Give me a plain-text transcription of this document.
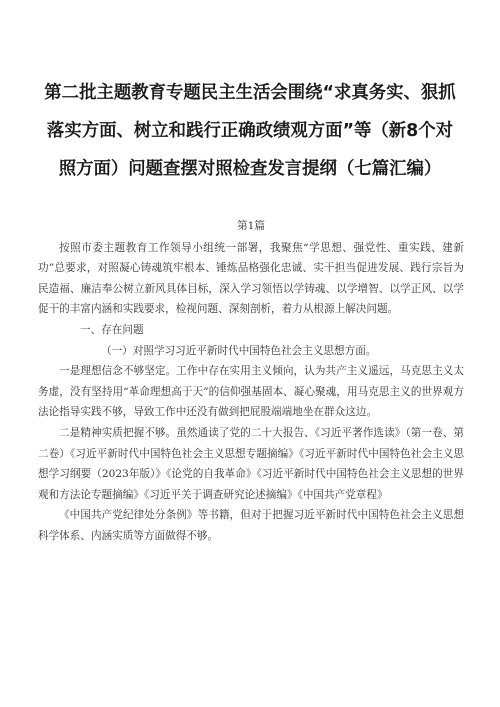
第二批主题教育专题民主生活会围绕“求真务实、狠抓
落实方面、树立和践行正确政绩观方面”等（新8个对
照方面）问题查摆对照检查发言提纲（七篇汇编）

第1篇

按照市委主题教育工作领导小组统一部署，我聚焦“学思想、强党性、重实践、建新功”总要求，对照凝心铸魂筑牢根本、锤炼品格强化忠诚、实干担当促进发展、践行宗旨为民造福、廉洁奉公树立新风具体目标，深入学习领悟以学铸魂、以学增智、以学正风、以学促干的丰富内涵和实践要求，检视问题、深刻剖析，着力从根源上解决问题。

一、存在问题

（一）对照学习习近平新时代中国特色社会主义思想方面。

一是理想信念不够坚定。工作中存在实用主义倾向，认为共产主义遥远，马克思主义太务虚，没有坚持用“革命理想高于天”的信仰强基固本、凝心聚魂，用马克思主义的世界观方法论指导实践不够，导致工作中还没有做到把屁股端端地坐在群众这边。

二是精神实质把握不够。虽然通读了党的二十大报告、《习近平著作选读》（第一卷、第二卷）《习近平新时代中国特色社会主义思想专题摘编》《习近平新时代中国特色社会主义思想学习纲要（2023年版）》《论党的自我革命》《习近平新时代中国特色社会主义思想的世界观和方法论专题摘编》《习近平关于调查研究论述摘编》《中国共产党章程》

《中国共产党纪律处分条例》等书籍，但对于把握习近平新时代中国特色社会主义思想科学体系、内涵实质等方面做得不够。
